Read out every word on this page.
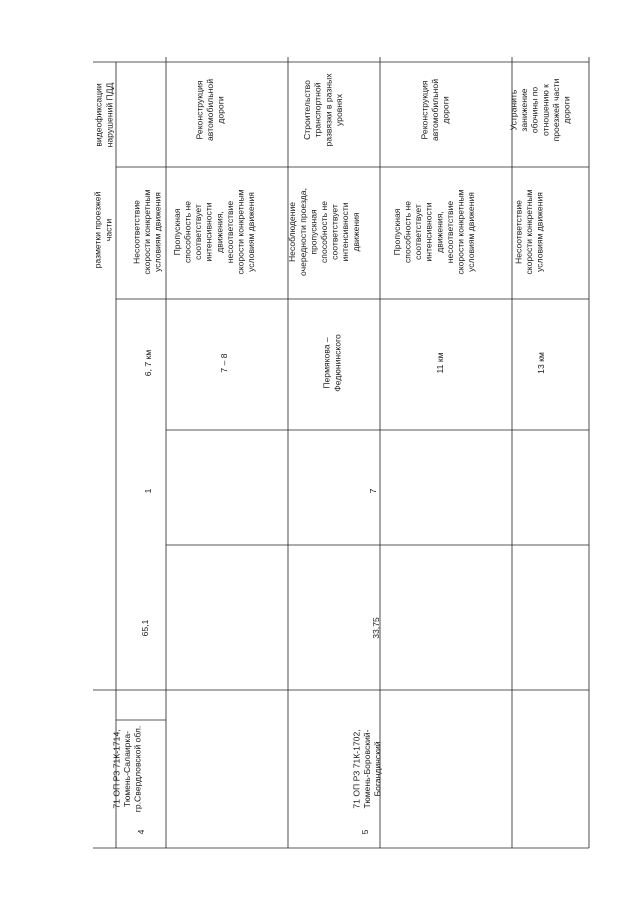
разметки проезжей части
видеофиксации нарушений ПДД
Несоответствие скорости конкретным условиям движения
4
71 ОП РЗ 71К-1714, Тюмень-Салаирка- гр.Свердловской обл.
65,1
1
6, 7 км
Пропускная способность не соответствует интенсивности движения, несоответствие скорости конкретным условиям движения
7 – 8
Реконструкция автомобильной дороги
5
71 ОП РЗ 71К-1702, Тюмень-Боровский- Богандинский
33,75
7
Пермякова – Федюнинского
Несоблюдение очередности проезда, пропускная способность не соответствует интенсивности движения
Строительство транспортной развязки в разных уровнях
11 км
Пропускная способность не соответствует интенсивности движения, несоответствие скорости конкретным условиям движения
Реконструкция автомобильной дороги
13 км
Несоответствие скорости конкретным условиям движения
Устранить занижение обочины по отношению к проезжей части дороги
